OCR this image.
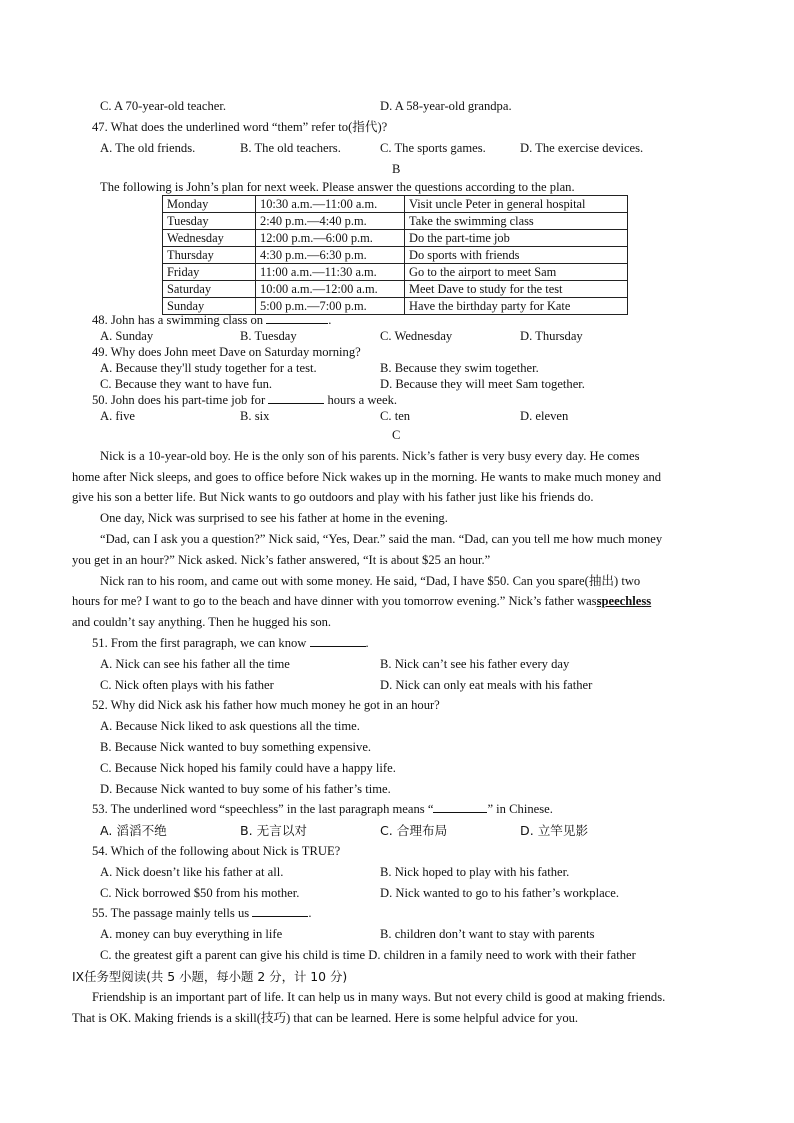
C. A 70-year-old teacher.	D. A 58-year-old grandpa.
47. What does the underlined word “them” refer to(指代)?
A. The old friends.	B. The old teachers.	C. The sports games.	D. The exercise devices.
B
The following is John’s plan for next week. Please answer the questions according to the plan.
Monday	10:30 a.m.—11:00 a.m.	Visit uncle Peter in general hospital
Tuesday	2:40 p.m.—4:40 p.m.	Take the swimming class
Wednesday	12:00 p.m.—6:00 p.m.	Do the part-time job
Thursday	4:30 p.m.—6:30 p.m.	Do sports with friends
Friday	11:00 a.m.—11:30 a.m.	Go to the airport to meet Sam
Saturday	10:00 a.m.—12:00 a.m.	Meet Dave to study for the test
Sunday	5:00 p.m.—7:00 p.m.	Have the birthday party for Kate
48. John has a swimming class on	.
A. Sunday	B. Tuesday	C. Wednesday	D. Thursday
49. Why does John meet Dave on Saturday morning?
A. Because they'll study together for a test.	B. Because they swim together.
C. Because they want to have fun.	D. Because they will meet Sam together.
50. John does his part-time job for	hours a week.
A. five	B. six	C. ten	D. eleven
C
Nick is a 10-year-old boy. He is the only son of his parents. Nick’s father is very busy every day. He comes
home after Nick sleeps, and goes to office before Nick wakes up in the morning. He wants to make much money and
give his son a better life. But Nick wants to go outdoors and play with his father just like his friends do.
One day, Nick was surprised to see his father at home in the evening.
“Dad, can I ask you a question?” Nick said, “Yes, Dear.” said the man. “Dad, can you tell me how much money
you get in an hour?” Nick asked. Nick’s father answered, “It is about $25 an hour.”
Nick ran to his room, and came out with some money. He said, “Dad, I have $50. Can you spare(抽出) two
hours for me? I want to go to the beach and have dinner with you tomorrow evening.” Nick’s father wasspeechless
and couldn’t say anything. Then he hugged his son.
51. From the first paragraph, we can know	.
A. Nick can see his father all the time	B. Nick can’t see his father every day
C. Nick often plays with his father	D. Nick can only eat meals with his father
52. Why did Nick ask his father how much money he got in an hour?
A. Because Nick liked to ask questions all the time.
B. Because Nick wanted to buy something expensive.
C. Because Nick hoped his family could have a happy life.
D. Because Nick wanted to buy some of his father’s time.
53. The underlined word “speechless” in the last paragraph means “	” in Chinese.
A. 滔滔不绝	B. 无言以对	C. 合理布局	D. 立竿见影
54. Which of the following about Nick is TRUE?
A. Nick doesn’t like his father at all.	B. Nick hoped to play with his father.
C. Nick borrowed $50 from his mother.	D. Nick wanted to go to his father’s workplace.
55. The passage mainly tells us	.
A. money can buy everything in life	B. children don’t want to stay with parents
C. the greatest gift a parent can give his child is time D. children in a family need to work with their father
IX任务型阅读(共 5 小题，每小题 2 分，计 10 分)
Friendship is an important part of life. It can help us in many ways. But not every child is good at making friends.
That is OK. Making friends is a skill(技巧) that can be learned. Here is some helpful advice for you.
